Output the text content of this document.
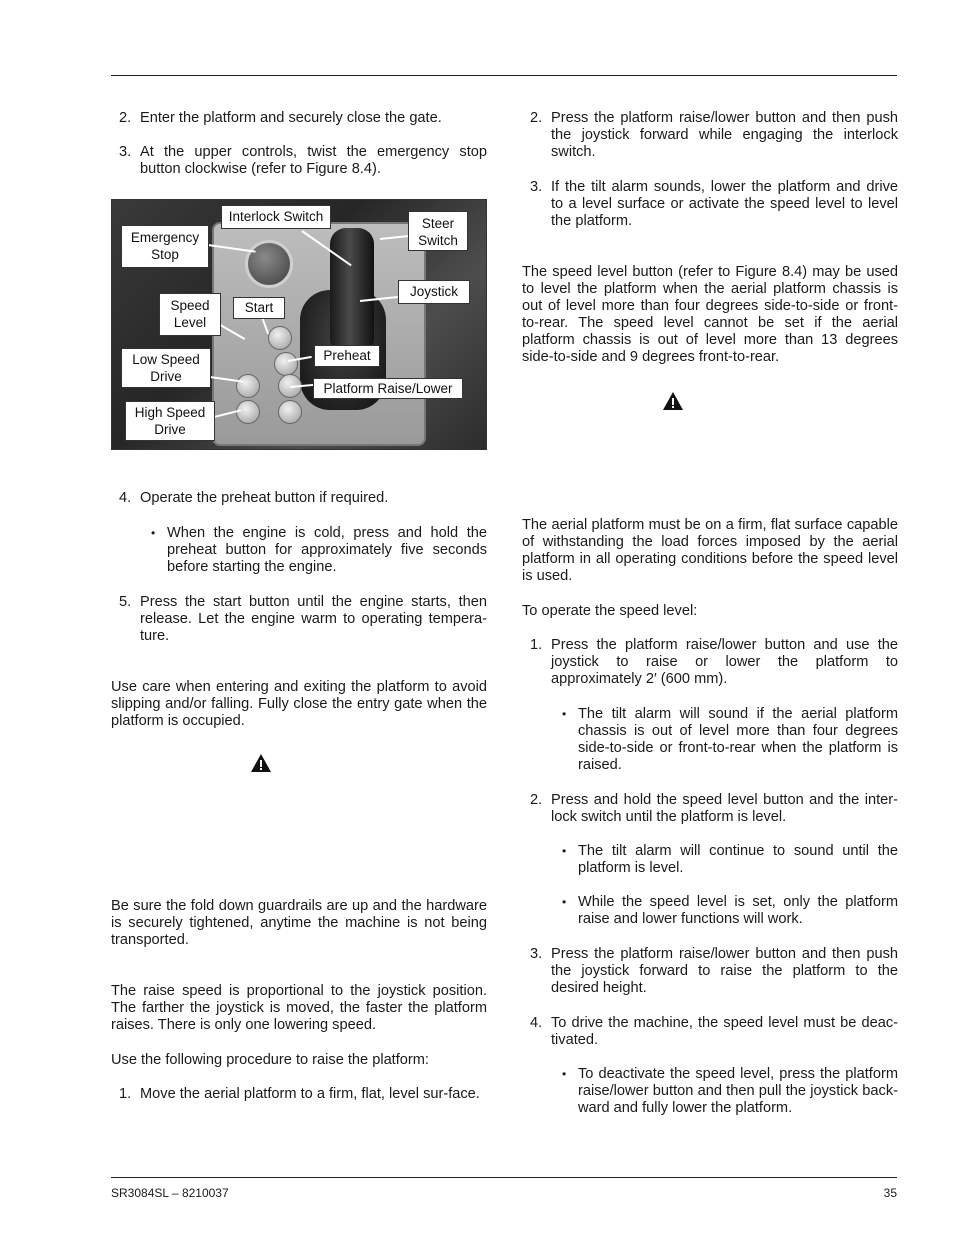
2. Enter the platform and securely close the gate.
3. At the upper controls, twist the emergency stop button clockwise (refer to Figure 8.4).
Interlock Switch
Emergency Stop
Steer Switch
Joystick
Speed Level
Start
Preheat
Low Speed Drive
Platform Raise/Lower
High Speed Drive
4. Operate the preheat button if required.
• When the engine is cold, press and hold the preheat button for approximately five seconds before starting the engine.
5. Press the start button until the engine starts, then release. Let the engine warm to operating tempera-ture.
Use care when entering and exiting the platform to avoid slipping and/or falling. Fully close the entry gate when the platform is occupied.
Be sure the fold down guardrails are up and the hardware is securely tightened, anytime the machine is not being transported.
The raise speed is proportional to the joystick position. The farther the joystick is moved, the faster the platform raises. There is only one lowering speed.
Use the following procedure to raise the platform:
1. Move the aerial platform to a firm, flat, level sur-face.
2. Press the platform raise/lower button and then push the joystick forward while engaging the interlock switch.
3. If the tilt alarm sounds, lower the platform and drive to a level surface or activate the speed level to level the platform.
The speed level button (refer to Figure 8.4) may be used to level the platform when the aerial platform chassis is out of level more than four degrees side-to-side or front-to-rear. The speed level cannot be set if the aerial platform chassis is out of level more than 13 degrees side-to-side and 9 degrees front-to-rear.
The aerial platform must be on a firm, flat surface capable of withstanding the load forces imposed by the aerial platform in all operating conditions before the speed level is used.
To operate the speed level:
1. Press the platform raise/lower button and use the joystick to raise or lower the platform to approximately 2′ (600 mm).
• The tilt alarm will sound if the aerial platform chassis is out of level more than four degrees side-to-side or front-to-rear when the platform is raised.
2. Press and hold the speed level button and the inter-lock switch until the platform is level.
• The tilt alarm will continue to sound until the platform is level.
• While the speed level is set, only the platform raise and lower functions will work.
3. Press the platform raise/lower button and then push the joystick forward to raise the platform to the desired height.
4. To drive the machine, the speed level must be deac-tivated.
• To deactivate the speed level, press the platform raise/lower button and then pull the joystick back-ward and fully lower the platform.
SR3084SL – 8210037	35
